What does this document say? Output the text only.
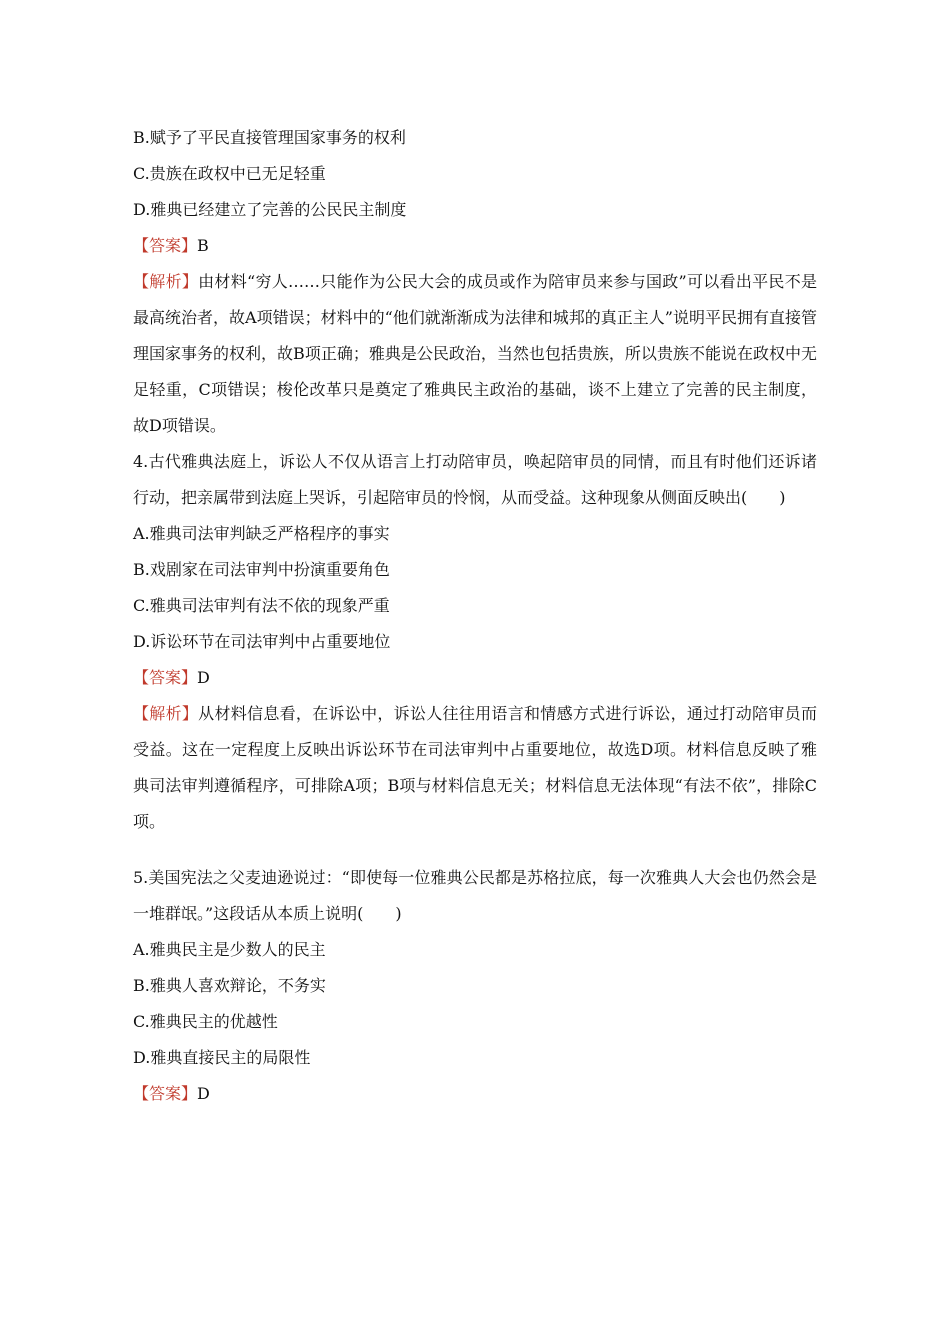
B.赋予了平民直接管理国家事务的权利
C.贵族在政权中已无足轻重
D.雅典已经建立了完善的公民民主制度
【答案】B
【解析】由材料“穷人……只能作为公民大会的成员或作为陪审员来参与国政”可以看出平民不是最高统治者，故A项错误；材料中的“他们就渐渐成为法律和城邦的真正主人”说明平民拥有直接管理国家事务的权利，故B项正确；雅典是公民政治，当然也包括贵族，所以贵族不能说在政权中无足轻重，C项错误；梭伦改革只是奠定了雅典民主政治的基础，谈不上建立了完善的民主制度，故D项错误。
4.古代雅典法庭上，诉讼人不仅从语言上打动陪审员，唤起陪审员的同情，而且有时他们还诉诸行动，把亲属带到法庭上哭诉，引起陪审员的怜悯，从而受益。这种现象从侧面反映出(　　)
A.雅典司法审判缺乏严格程序的事实
B.戏剧家在司法审判中扮演重要角色
C.雅典司法审判有法不依的现象严重
D.诉讼环节在司法审判中占重要地位
【答案】D
【解析】从材料信息看，在诉讼中，诉讼人往往用语言和情感方式进行诉讼，通过打动陪审员而受益。这在一定程度上反映出诉讼环节在司法审判中占重要地位，故选D项。材料信息反映了雅典司法审判遵循程序，可排除A项；B项与材料信息无关；材料信息无法体现“有法不依”，排除C项。
5.美国宪法之父麦迪逊说过：“即使每一位雅典公民都是苏格拉底，每一次雅典人大会也仍然会是一堆群氓。”这段话从本质上说明(　　)
A.雅典民主是少数人的民主
B.雅典人喜欢辩论，不务实
C.雅典民主的优越性
D.雅典直接民主的局限性
【答案】D
